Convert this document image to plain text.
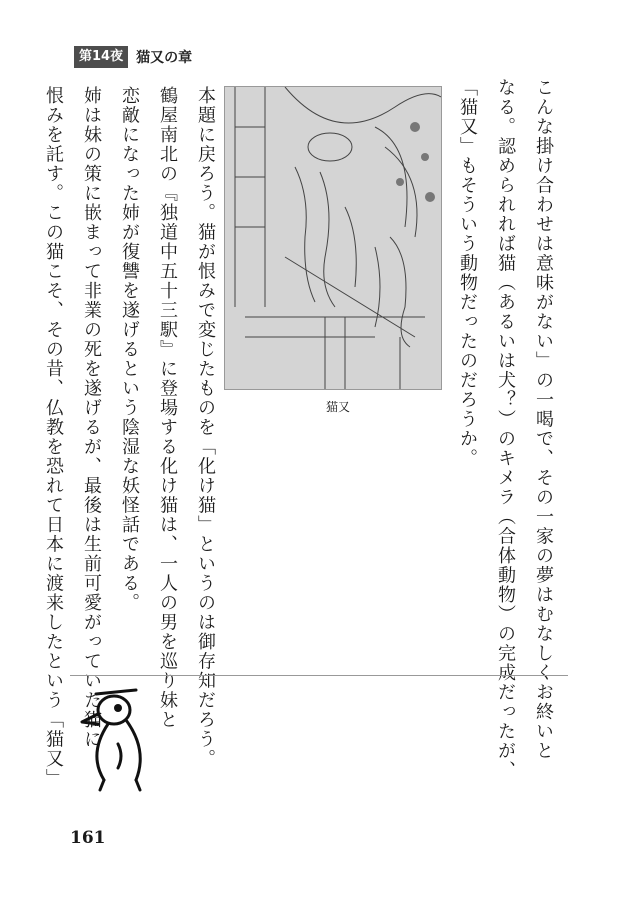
第14夜 猫又の章
こんな掛け合わせは意味がない」の一喝で、その一家の夢はむなしくお終いと
なる。認められれば猫（あるいは犬？）のキメラ（合体動物）の完成だったが、
「猫又」もそういう動物だったのだろうか。
猫又
本題に戻ろう。猫が恨みで変じたものを「化け猫」というのは御存知だろう。
鶴屋南北の『独道中五十三駅』に登場する化け猫は、一人の男を巡り妹と
恋敵になった姉が復讐を遂げるという陰湿な妖怪話である。
姉は妹の策に嵌まって非業の死を遂げるが、最後は生前可愛がっていた猫に
恨みを託す。この猫こそ、その昔、仏教を恐れて日本に渡来したという「猫又」
161
